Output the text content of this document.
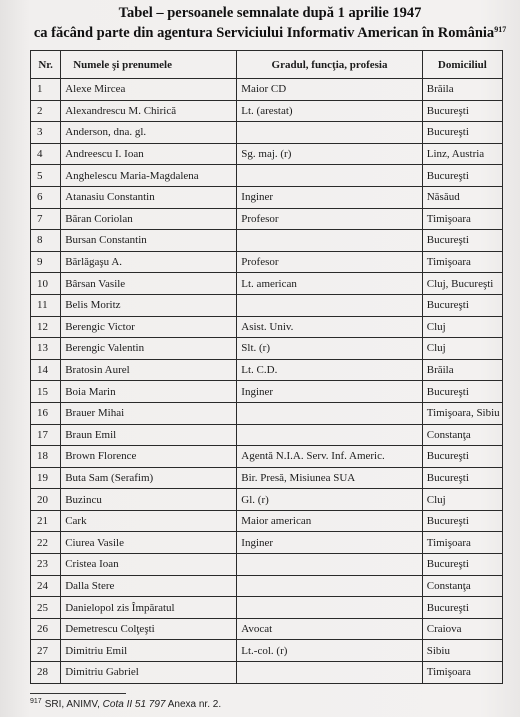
Tabel – persoanele semnalate după 1 aprilie 1947
ca făcând parte din agentura Serviciului Informativ American în România$^{917}$
Nr.	Numele şi prenumele	Gradul, funcţia, profesia	Domiciliul
1	Alexe Mircea	Maior CD	Brăila
2	Alexandrescu M. Chirică	Lt. (arestat)	Bucureşti
3	Anderson, dna. gl.		Bucureşti
4	Andreescu I. Ioan	Sg. maj. (r)	Linz, Austria
5	Anghelescu Maria-Magdalena		Bucureşti
6	Atanasiu Constantin	Inginer	Năsăud
7	Băran Coriolan	Profesor	Timişoara
8	Bursan Constantin		Bucureşti
9	Bărlăgaşu A.	Profesor	Timişoara
10	Bârsan Vasile	Lt. american	Cluj, Bucureşti
11	Belis Moritz		Bucureşti
12	Berengic Victor	Asist. Univ.	Cluj
13	Berengic Valentin	Slt. (r)	Cluj
14	Bratosin Aurel	Lt. C.D.	Brăila
15	Boia Marin	Inginer	Bucureşti
16	Brauer Mihai		Timişoara, Sibiu
17	Braun Emil		Constanţa
18	Brown Florence	Agentă N.I.A. Serv. Inf. Americ.	Bucureşti
19	Buta Sam (Serafim)	Bir. Presă, Misiunea SUA	Bucureşti
20	Buzincu	Gl. (r)	Cluj
21	Cark	Maior american	Bucureşti
22	Ciurea Vasile	Inginer	Timişoara
23	Cristea Ioan		Bucureşti
24	Dalla Stere		Constanţa
25	Danielopol zis Împăratul		Bucureşti
26	Demetrescu Colţeşti	Avocat	Craiova
27	Dimitriu Emil	Lt.-col. (r)	Sibiu
28	Dimitriu Gabriel		Timişoara
$^{917}$ SRI, ANIMV, Cota II 51 797 Anexa nr. 2.
